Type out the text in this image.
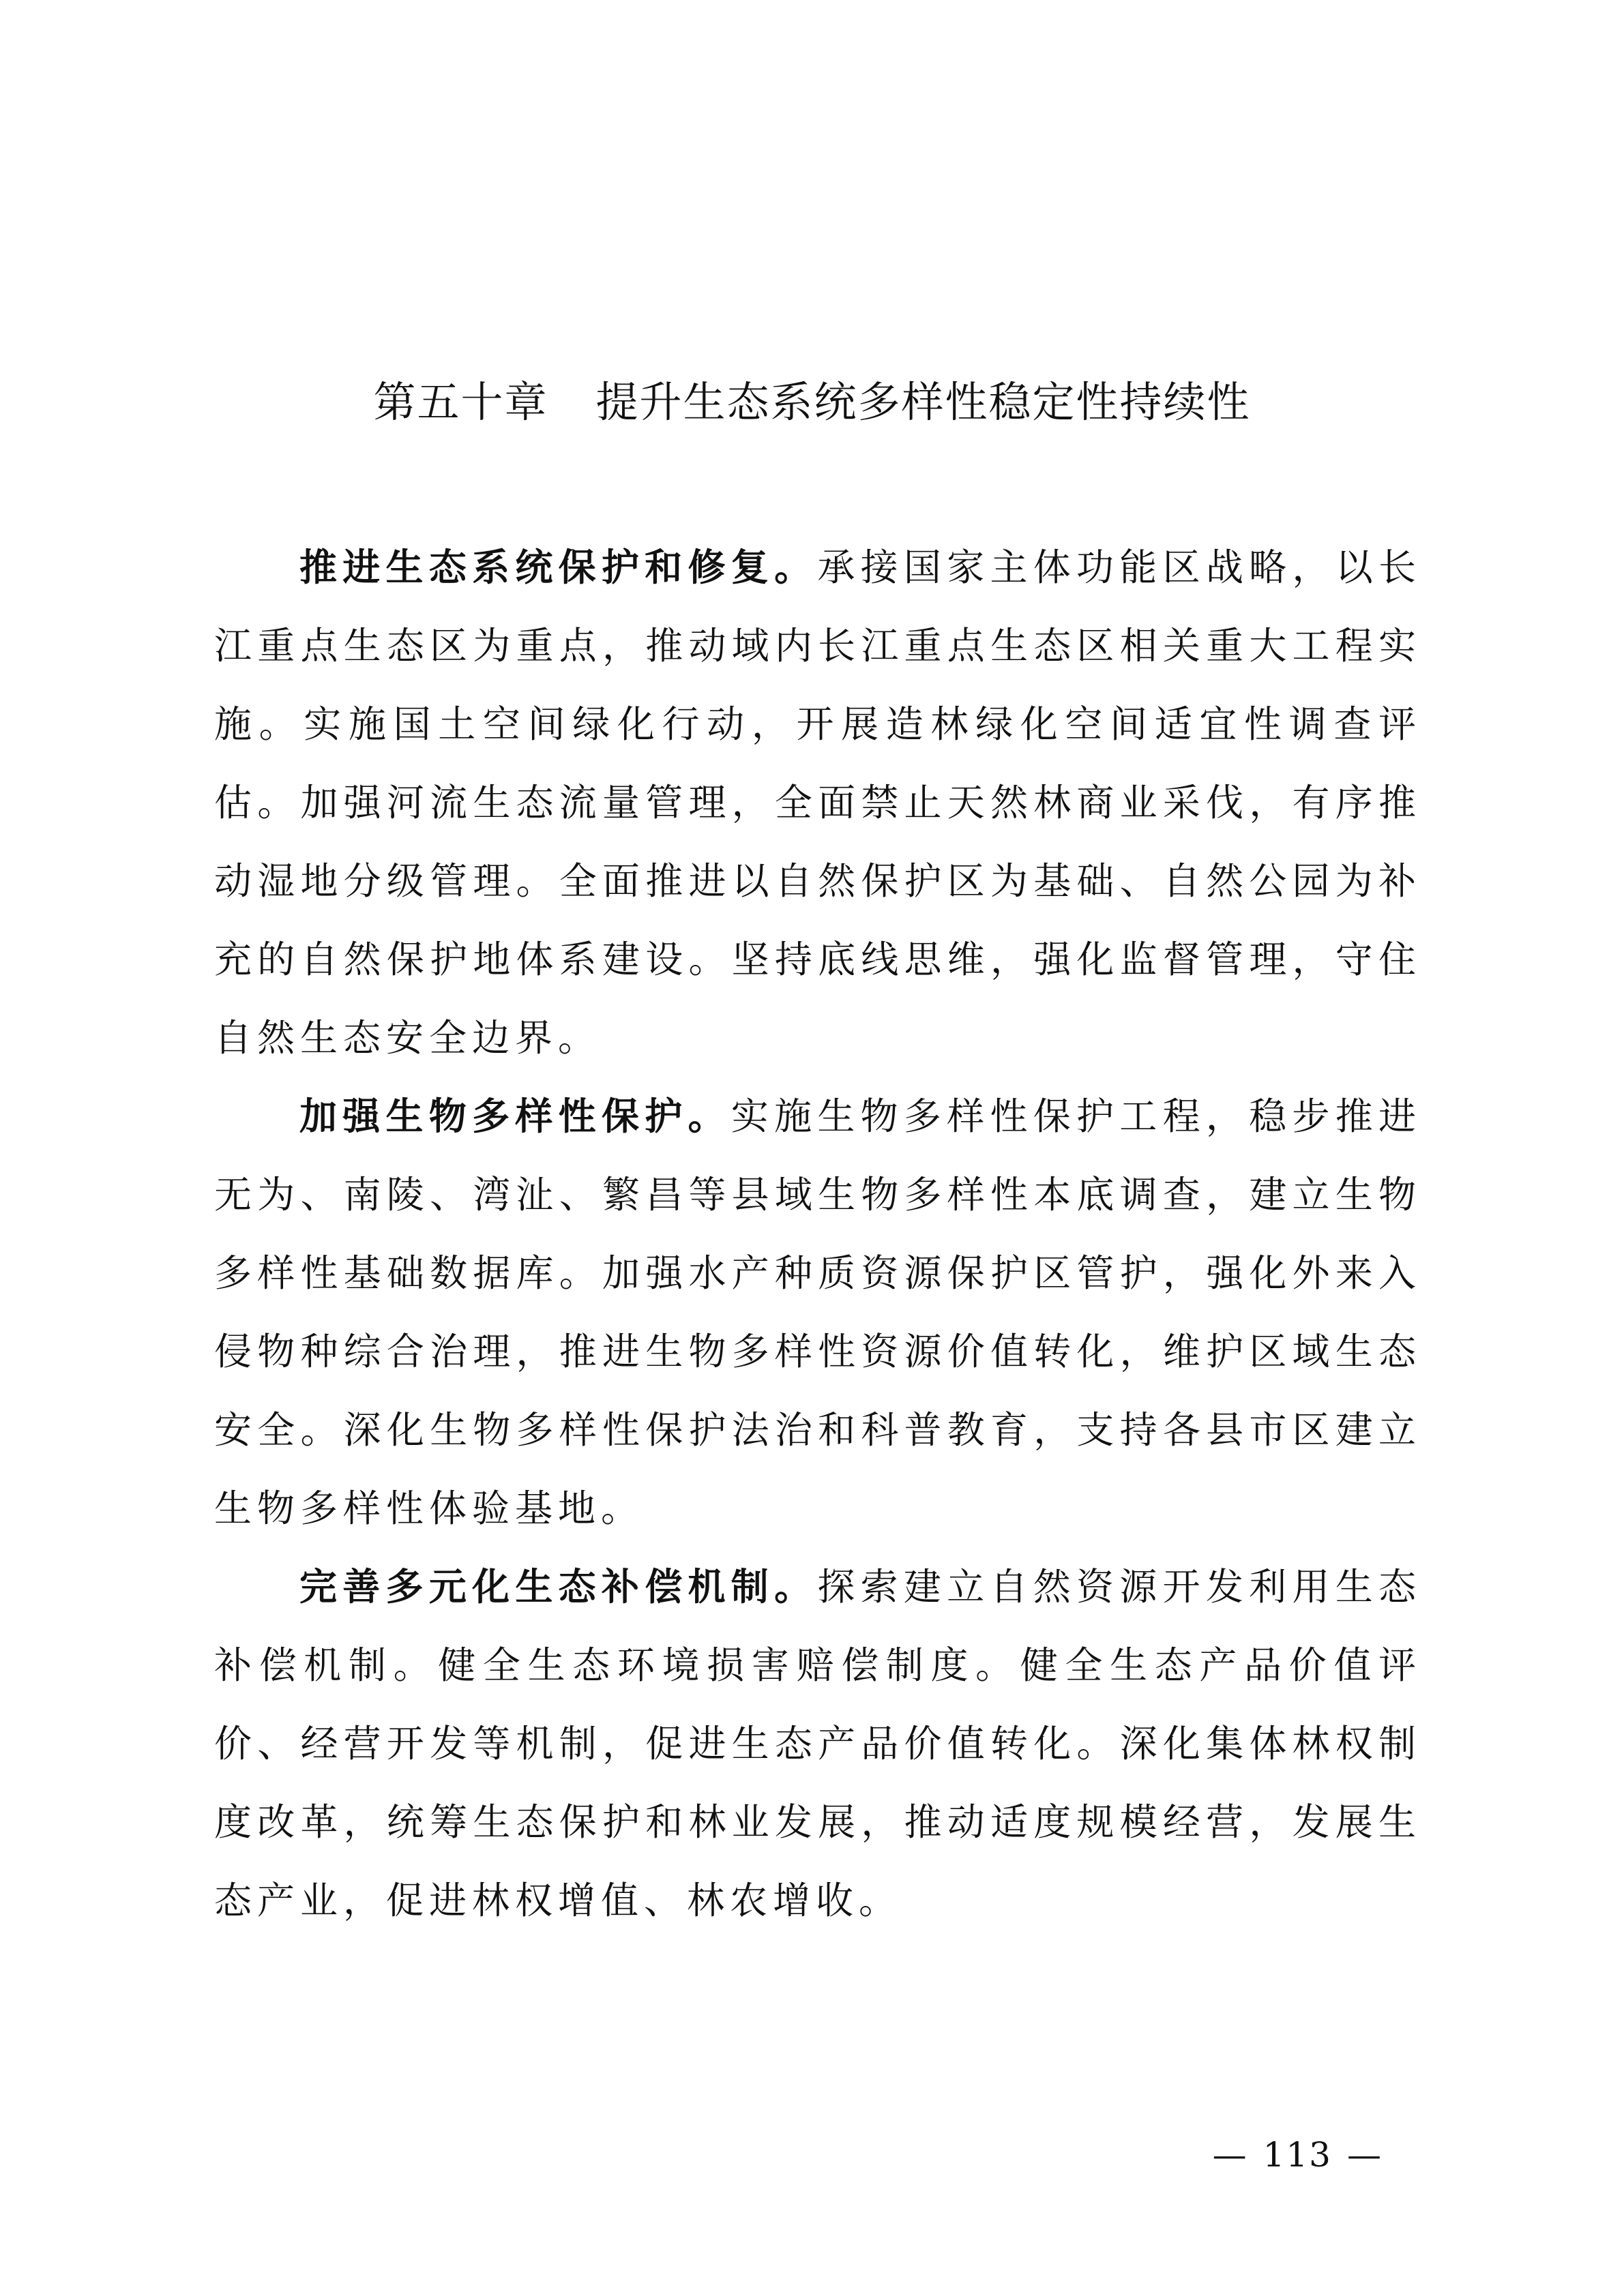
第五十章 提升生态系统多样性稳定性持续性

推进生态系统保护和修复。承接国家主体功能区战略，以长江重点生态区为重点，推动域内长江重点生态区相关重大工程实施。实施国土空间绿化行动，开展造林绿化空间适宜性调查评估。加强河流生态流量管理，全面禁止天然林商业采伐，有序推动湿地分级管理。全面推进以自然保护区为基础、自然公园为补充的自然保护地体系建设。坚持底线思维，强化监督管理，守住自然生态安全边界。

加强生物多样性保护。实施生物多样性保护工程，稳步推进无为、南陵、湾沚、繁昌等县域生物多样性本底调查，建立生物多样性基础数据库。加强水产种质资源保护区管护，强化外来入侵物种综合治理，推进生物多样性资源价值转化，维护区域生态安全。深化生物多样性保护法治和科普教育，支持各县市区建立生物多样性体验基地。

完善多元化生态补偿机制。探索建立自然资源开发利用生态补偿机制。健全生态环境损害赔偿制度。健全生态产品价值评价、经营开发等机制，促进生态产品价值转化。深化集体林权制度改革，统筹生态保护和林业发展，推动适度规模经营，发展生态产业，促进林权增值、林农增收。

— 113 —
